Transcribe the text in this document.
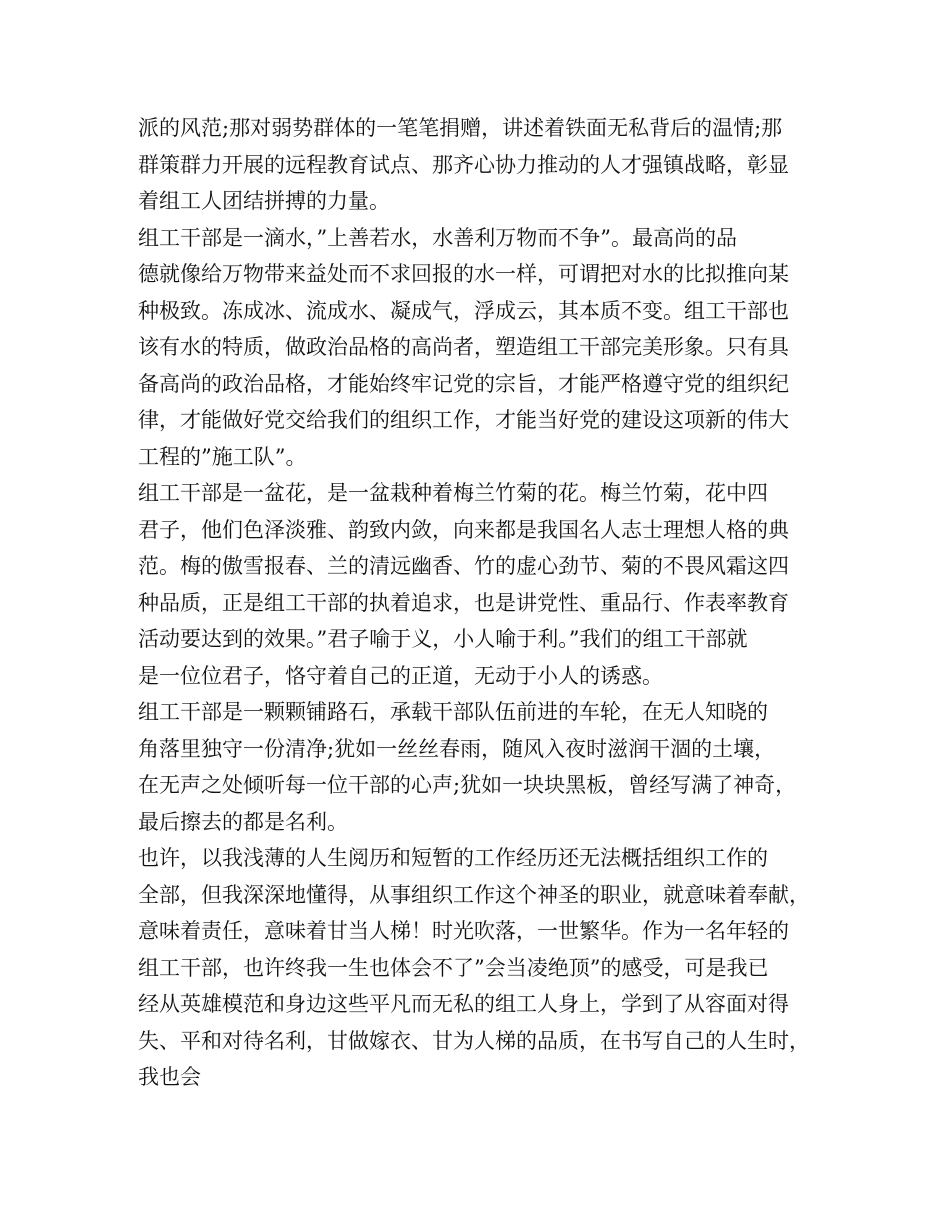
派的风范;那对弱势群体的一笔笔捐赠，讲述着铁面无私背后的温情;那
群策群力开展的远程教育试点、那齐心协力推动的人才强镇战略，彰显
着组工人团结拼搏的力量。
组工干部是一滴水，”上善若水，水善利万物而不争”。最高尚的品
德就像给万物带来益处而不求回报的水一样，可谓把对水的比拟推向某
种极致。冻成冰、流成水、凝成气，浮成云，其本质不变。组工干部也
该有水的特质，做政治品格的高尚者，塑造组工干部完美形象。只有具
备高尚的政治品格，才能始终牢记党的宗旨，才能严格遵守党的组织纪
律，才能做好党交给我们的组织工作，才能当好党的建设这项新的伟大
工程的”施工队”。
组工干部是一盆花，是一盆栽种着梅兰竹菊的花。梅兰竹菊，花中四
君子，他们色泽淡雅、韵致内敛，向来都是我国名人志士理想人格的典
范。梅的傲雪报春、兰的清远幽香、竹的虚心劲节、菊的不畏风霜这四
种品质，正是组工干部的执着追求，也是讲党性、重品行、作表率教育
活动要达到的效果。”君子喻于义，小人喻于利。”我们的组工干部就
是一位位君子，恪守着自己的正道，无动于小人的诱惑。
组工干部是一颗颗铺路石，承载干部队伍前进的车轮，在无人知晓的
角落里独守一份清净;犹如一丝丝春雨，随风入夜时滋润干涸的土壤，
在无声之处倾听每一位干部的心声;犹如一块块黑板，曾经写满了神奇，
最后擦去的都是名利。
也许，以我浅薄的人生阅历和短暂的工作经历还无法概括组织工作的
全部，但我深深地懂得，从事组织工作这个神圣的职业，就意味着奉献，
意味着责任，意味着甘当人梯！时光吹落，一世繁华。作为一名年轻的
组工干部，也许终我一生也体会不了”会当凌绝顶”的感受，可是我已
经从英雄模范和身边这些平凡而无私的组工人身上，学到了从容面对得
失、平和对待名利，甘做嫁衣、甘为人梯的品质，在书写自己的人生时，
我也会
